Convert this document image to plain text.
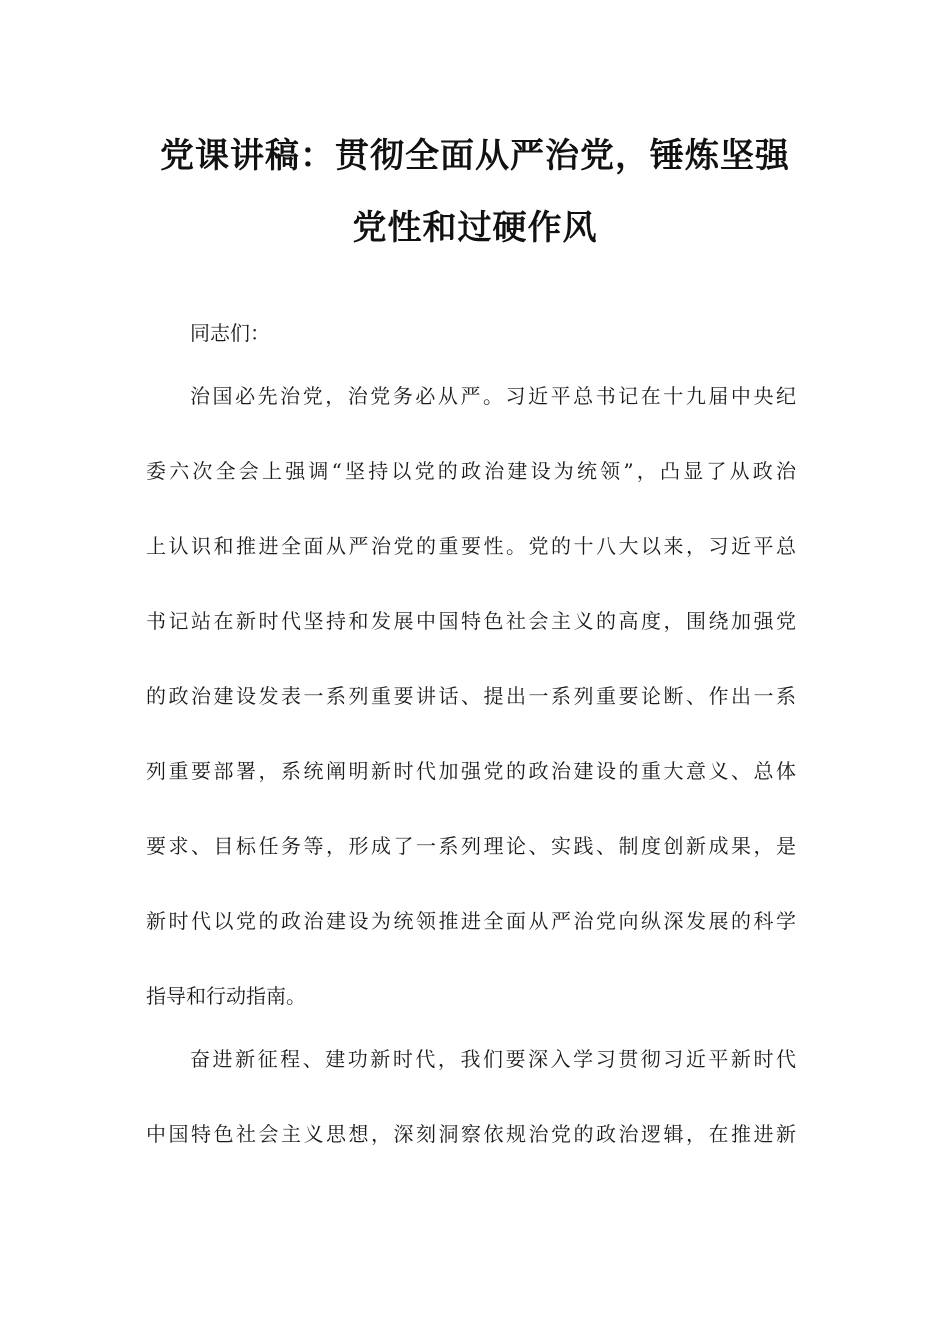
党课讲稿：贯彻全面从严治党，锤炼坚强
党性和过硬作风
同志们：
治国必先治党，治党务必从严。习近平总书记在十九届中央纪
委六次全会上强调“坚持以党的政治建设为统领”，凸显了从政治
上认识和推进全面从严治党的重要性。党的十八大以来，习近平总
书记站在新时代坚持和发展中国特色社会主义的高度，围绕加强党
的政治建设发表一系列重要讲话、提出一系列重要论断、作出一系
列重要部署，系统阐明新时代加强党的政治建设的重大意义、总体
要求、目标任务等，形成了一系列理论、实践、制度创新成果，是
新时代以党的政治建设为统领推进全面从严治党向纵深发展的科学
指导和行动指南。
奋进新征程、建功新时代，我们要深入学习贯彻习近平新时代
中国特色社会主义思想，深刻洞察依规治党的政治逻辑，在推进新
